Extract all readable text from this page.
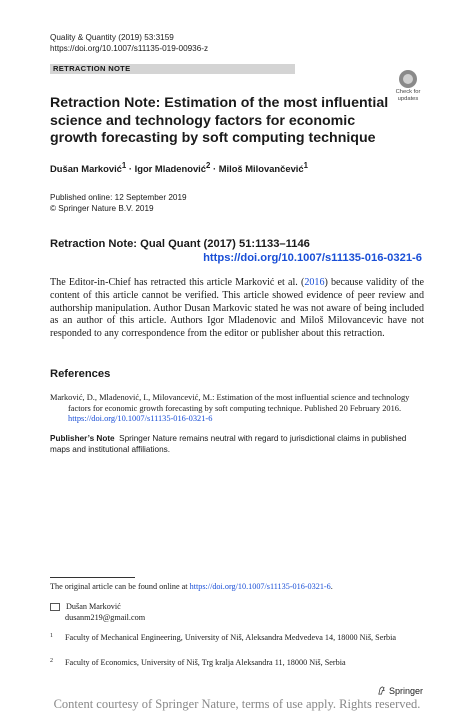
Quality & Quantity (2019) 53:3159
https://doi.org/10.1007/s11135-019-00936-z
RETRACTION NOTE
Check for updates
Retraction Note: Estimation of the most influential science and technology factors for economic growth forecasting by soft computing technique
Dušan Marković$^1$ · Igor Mladenović$^2$ · Miloš Milovančević$^1$
Published online: 12 September 2019
© Springer Nature B.V. 2019
Retraction Note: Qual Quant (2017) 51:1133–1146
https://doi.org/10.1007/s11135-016-0321-6
The Editor-in-Chief has retracted this article Marković et al. (2016) because validity of the content of this article cannot be verified. This article showed evidence of peer review and authorship manipulation. Author Dusan Markovic stated he was not aware of being included as an author of this article. Authors Igor Mladenovic and Miloš Milovancevic have not responded to any correspondence from the editor or publisher about this retraction.
References
Marković, D., Mladenović, I., Milovancević, M.: Estimation of the most influential science and technology factors for economic growth forecasting by soft computing technique. Published 20 February 2016. https://doi.org/10.1007/s11135-016-0321-6
Publisher’s Note Springer Nature remains neutral with regard to jurisdictional claims in published maps and institutional affiliations.
The original article can be found online at https://doi.org/10.1007/s11135-016-0321-6.
Dušan Marković
dusanm219@gmail.com
1	Faculty of Mechanical Engineering, University of Niš, Aleksandra Medvedeva 14, 18000 Niš, Serbia
2	Faculty of Economics, University of Niš, Trg kralja Aleksandra 11, 18000 Niš, Serbia
Springer
Content courtesy of Springer Nature, terms of use apply. Rights reserved.
